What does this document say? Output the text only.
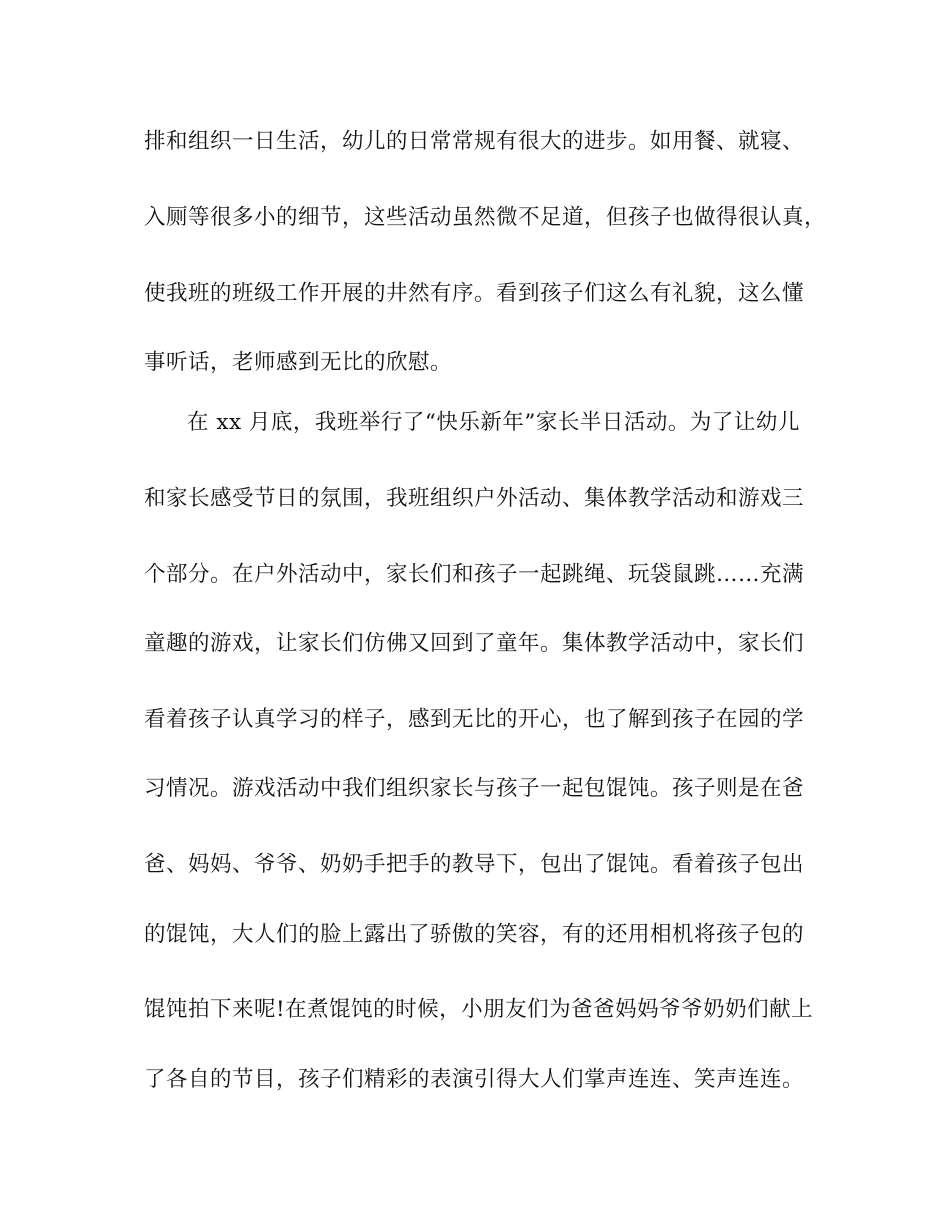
排和组织一日生活，幼儿的日常常规有很大的进步。如用餐、就寝、
入厕等很多小的细节，这些活动虽然微不足道，但孩子也做得很认真，
使我班的班级工作开展的井然有序。看到孩子们这么有礼貌，这么懂
事听话，老师感到无比的欣慰。
在 xx 月底，我班举行了“快乐新年”家长半日活动。为了让幼儿
和家长感受节日的氛围，我班组织户外活动、集体教学活动和游戏三
个部分。在户外活动中，家长们和孩子一起跳绳、玩袋鼠跳……充满
童趣的游戏，让家长们仿佛又回到了童年。集体教学活动中，家长们
看着孩子认真学习的样子，感到无比的开心，也了解到孩子在园的学
习情况。游戏活动中我们组织家长与孩子一起包馄饨。孩子则是在爸
爸、妈妈、爷爷、奶奶手把手的教导下，包出了馄饨。看着孩子包出
的馄饨，大人们的脸上露出了骄傲的笑容，有的还用相机将孩子包的
馄饨拍下来呢!在煮馄饨的时候，小朋友们为爸爸妈妈爷爷奶奶们献上
了各自的节目，孩子们精彩的表演引得大人们掌声连连、笑声连连。
